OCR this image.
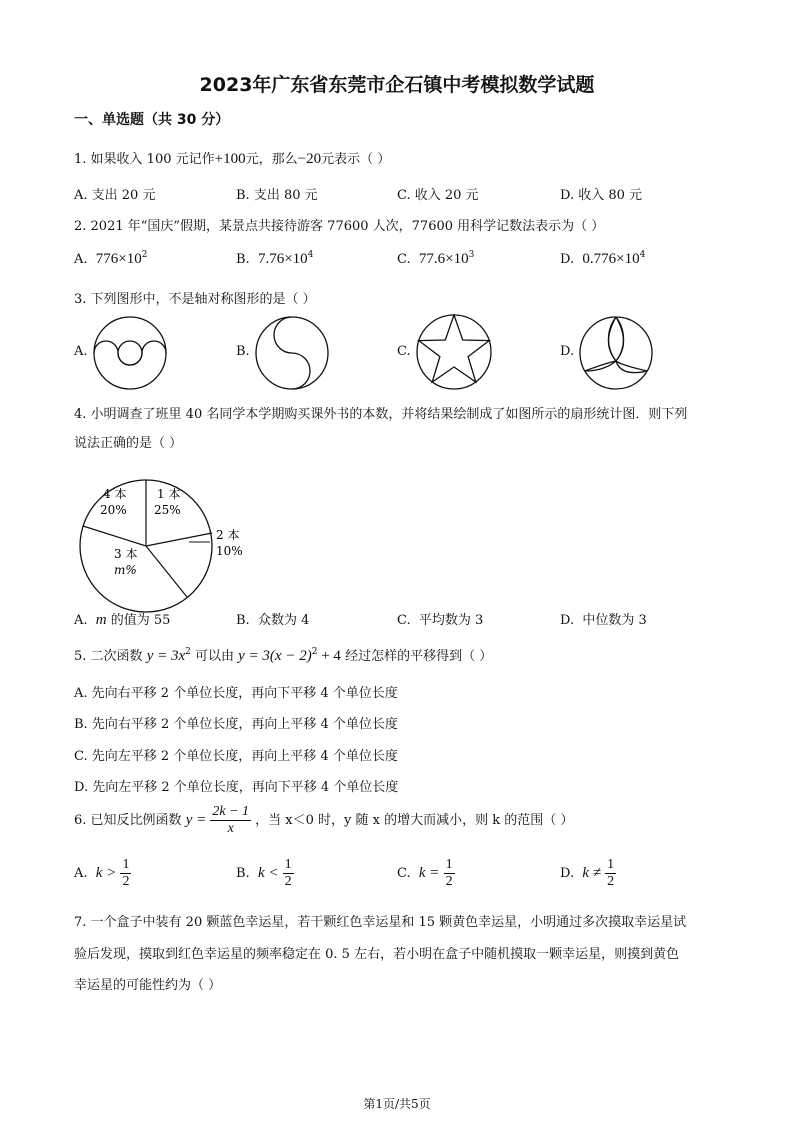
2023年广东省东莞市企石镇中考模拟数学试题
一、单选题（共 30 分）
1. 如果收入 100 元记作+100元，那么−20元表示（ ）
A. 支出 20 元	B. 支出 80 元	C. 收入 20 元	D. 收入 80 元
2. 2021 年“国庆”假期，某景点共接待游客 77600 人次，77600 用科学记数法表示为（ ）
A. $776\times 10^2$	B. $7.76\times 10^4$	C. $77.6\times 10^3$	D. $0.776\times 10^4$
3. 下列图形中，不是轴对称图形的是（ ）
A.	B.	C.	D.
4. 小明调查了班里 40 名同学本学期购买课外书的本数，并将结果绘制成了如图所示的扇形统计图．则下列
说法正确的是（ ）
4 本
20%
1 本
25%
2 本
10%
3 本
m%
A. m 的值为 55	B. 众数为 4	C. 平均数为 3	D. 中位数为 3
5. 二次函数 $y = 3x^2$ 可以由 $y = 3(x - 2)^2 + 4$ 经过怎样的平移得到（ ）
A. 先向右平移 2 个单位长度，再向下平移 4 个单位长度
B. 先向右平移 2 个单位长度，再向上平移 4 个单位长度
C. 先向左平移 2 个单位长度，再向上平移 4 个单位长度
D. 先向左平移 2 个单位长度，再向下平移 4 个单位长度
6. 已知反比例函数 $y = \frac{2k - 1}{x}$ ，当 x＜0 时，y 随 x 的增大而减小，则 k 的范围（ ）
A. $k > \frac{1}{2}$	B. $k < \frac{1}{2}$	C. $k = \frac{1}{2}$	D. $k \ne \frac{1}{2}$
7. 一个盒子中装有 20 颗蓝色幸运星，若干颗红色幸运星和 15 颗黄色幸运星，小明通过多次摸取幸运星试
验后发现，摸取到红色幸运星的频率稳定在 0. 5 左右，若小明在盒子中随机摸取一颗幸运星，则摸到黄色
幸运星的可能性约为（ ）
第1页/共5页
